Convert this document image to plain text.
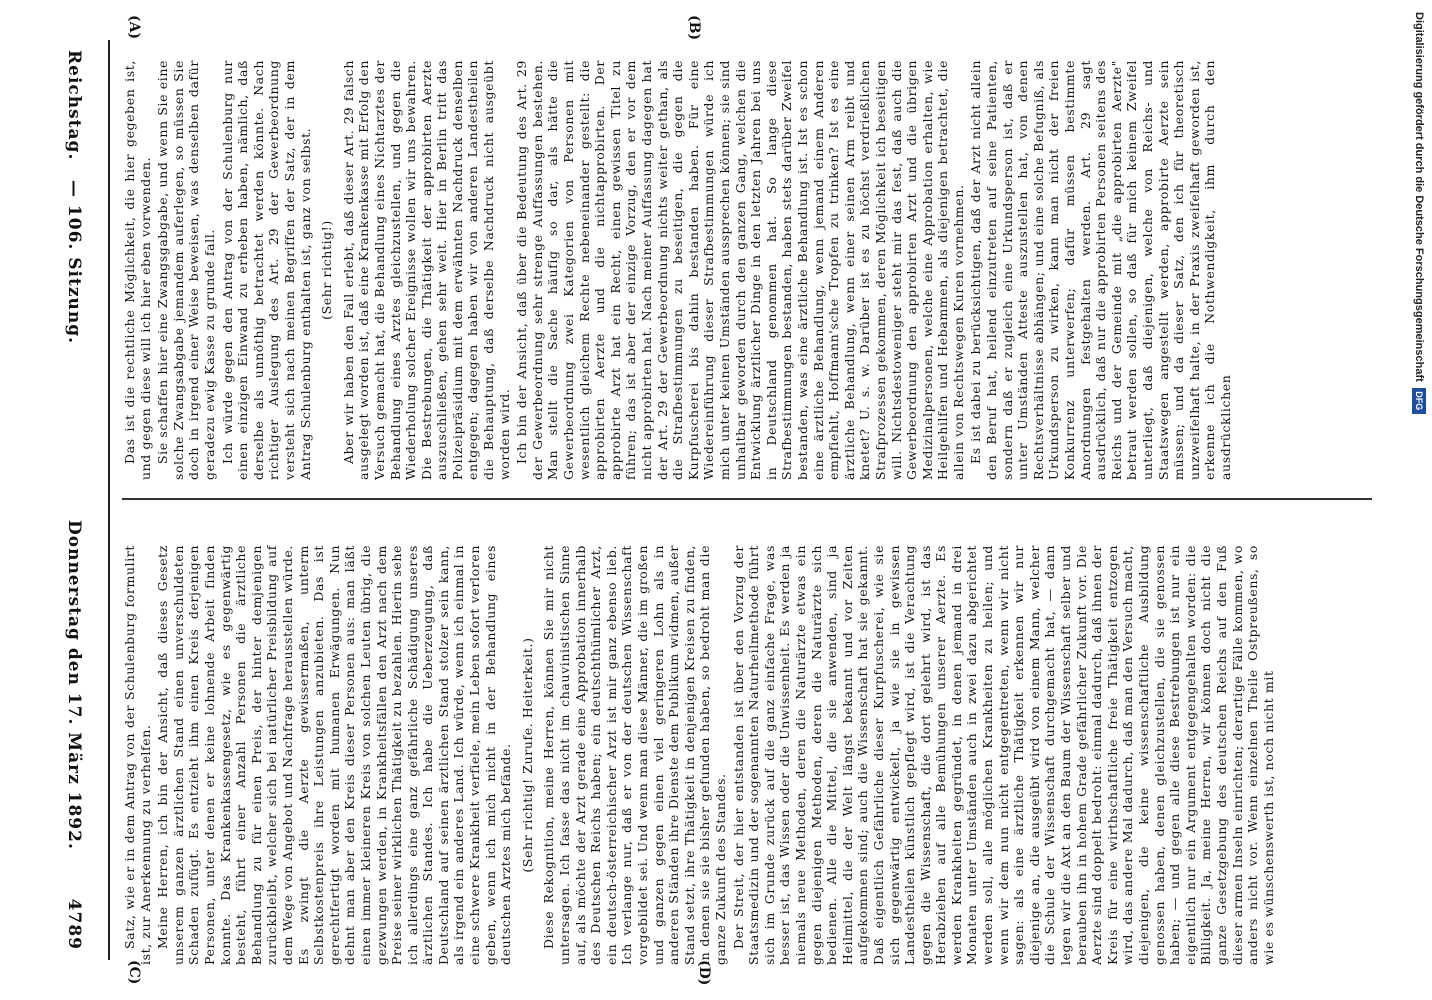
Reichstag.
— 106. Sitzung.
4789
Donnerstag den 17. März 1892.
(A)	(B)
(C)	(D)

Das ist die rechtliche Möglichkeit, die hier gegeben ist, und gegen diese will ich hier eben vorwenden. Sie schaffen hier eine Zwangsgabgabe, und wenn Sie eine solche Zwangsabgabe jemandem auferlegen, so müssen Sie doch in irgend einer Weise beweisen, was denselben dafür geradezu ewig Kasse zu grunde fall. Ich würde gegen den Antrag von der Schulenburg nur einen einzigen Einwand zu erheben haben, nämlich, daß derselbe als unnöthig betrachtet werden könnte. Nach richtiger Auslegung des Art. 29 der Gewerbeordnung versteht sich nach meinen Begriffen der Satz, der in dem Antrag Schulenburg enthalten ist, ganz von selbst. (Sehr richtig!) Aber wir haben den Fall erlebt, daß dieser Art. 29 falsch ausgelegt worden ist, daß eine Krankenkasse mit Erfolg den Versuch gemacht hat, die Behandlung eines Nichtarztes der Behandlung eines Arztes gleichzustellen, und gegen die Wiederholung solcher Ereignisse wollen wir uns bewahren. Die Bestrebungen, die Thätigkeit der approbirten Aerzte auszuschließen, gehen sehr weit. Hier in Berlin tritt das Polizeipräsidium mit dem erwähnten Nachdruck denselben entgegen; dagegen haben wir von anderen Landestheilen die Behauptung, daß derselbe Nachdruck nicht ausgeübt worden wird. Ich bin der Ansicht, daß über die Bedeutung des Art. 29 der Gewerbeordnung sehr strenge Auffassungen bestehen. Man stellt die Sache häufig so dar, als hätte die Gewerbeordnung zwei Kategorien von Personen mit wesentlich gleichem Rechte nebeneinander gestellt: die approbirten Aerzte und die nichtapprobirten. Der approbirte Arzt hat ein Recht, einen gewissen Titel zu führen; das ist aber der einzige Vorzug, den er vor dem nicht approbirten hat. Nach meiner Auffassung dagegen hat der Art. 29 der Gewerbeordnung nichts weiter gethan, als die Strafbestimmungen zu beseitigen, die gegen die Kurpfuscherei bis dahin bestanden haben. Für eine Wiedereinführung dieser Strafbestimmungen würde ich mich unter keinen Umständen aussprechen können; sie sind unhaltbar geworden durch den ganzen Gang, welchen die Entwicklung ärztlicher Dinge in den letzten Jahren bei uns in Deutschland genommen hat. So lange diese Strafbestimmungen bestanden, haben stets darüber Zweifel bestanden, was eine ärztliche Behandlung ist. Ist es schon eine ärztliche Behandlung, wenn jemand einem Anderen empfiehlt, Hoffmann'sche Tropfen zu trinken? Ist es eine ärztliche Behandlung, wenn einer seinen Arm reibt und knetet? U. s. w. Darüber ist es zu höchst verdrießlichen Strafprozessen gekommen, deren Möglichkeit ich beseitigen will. Nichtsdestoweniger steht mir das fest, daß auch die Gewerbeordnung den approbirten Arzt und die übrigen Medizinalpersonen, welche eine Approbation erhalten, wie Heilgehilfen und Hebammen, als diejenigen betrachtet, die allein von Rechtswegen Kuren vornehmen. Es ist dabei zu berücksichtigen, daß der Arzt nicht allein den Beruf hat, heilend einzutreten auf seine Patienten, sondern daß er zugleich eine Urkundsperson ist, daß er unter Umständen Atteste auszustellen hat, von denen Rechtsverhältnisse abhängen; und eine solche Befugniß, als Urkundsperson zu wirken, kann man nicht der freien Konkurrenz unterwerfen; dafür müssen bestimmte Anordnungen festgehalten werden. Art. 29 sagt ausdrücklich, daß nur die approbirten Personen seitens des Reichs und der Gemeinde mit „die approbirten Aerzte" betraut werden sollen, so daß für mich keinem Zweifel unterliegt, daß diejenigen, welche von Reichs- und Staatswegen angestellt werden, approbirte Aerzte sein müssen; und da dieser Satz, den ich für theoretisch unzweifelhaft halte, in der Praxis zweifelhaft geworden ist, erkenne ich die Nothwendigkeit, ihm durch den ausdrücklichen

Satz, wie er in dem Antrag von der Schulenburg formulirt ist, zur Anerkennung zu verhelfen. Meine Herren, ich bin der Ansicht, daß dieses Gesetz unserem ganzen ärztlichen Stand einen unverschuldeten Schaden zufügt. Es entzieht ihm einen Kreis derjenigen Personen, unter denen er keine lohnende Arbeit finden konnte. Das Krankenkassengesetz, wie es gegenwärtig besteht, führt einer Anzahl Personen die ärztliche Behandlung zu für einen Preis, der hinter demjenigen zurückbleibt, welcher sich bei natürlicher Preisbildung auf dem Wege von Angebot und Nachfrage herausstellen würde. Es zwingt die Aerzte gewissermaßen, unterm Selbstkostenpreis ihre Leistungen anzubieten. Das ist gerechtfertigt worden mit humanen Erwägungen. Nun dehnt man aber den Kreis dieser Personen aus: man läßt einen immer kleineren Kreis von solchen Leuten übrig, die gezwungen werden, in Krankheitsfällen den Arzt nach dem Preise seiner wirklichen Thätigkeit zu bezahlen. Hierin sehe ich allerdings eine ganz gefährliche Schädigung unseres ärztlichen Standes. Ich habe die Ueberzeugung, daß Deutschland auf seinen ärztlichen Stand stolzer sein kann, als irgend ein anderes Land. Ich würde, wenn ich einmal in eine schwere Krankheit verfiele, mein Leben sofort verloren geben, wenn ich mich nicht in der Behandlung eines deutschen Arztes mich befände. (Sehr richtig! Zurufe. Heiterkeit.) Diese Rekognition, meine Herren, können Sie mir nicht untersagen. Ich fasse das nicht im chauvinistischen Sinne auf, als möchte der Arzt gerade eine Approbation innerhalb des Deutschen Reichs haben; ein deutschthümlicher Arzt, ein deutsch-österreichischer Arzt ist mir ganz ebenso lieb. Ich verlange nur, daß er von der deutschen Wissenschaft vorgebildet sei. Und wenn man diese Männer, die im großen und ganzen gegen einen viel geringeren Lohn als in anderen Ständen ihre Dienste dem Publikum widmen, außer Stand setzt, ihre Thätigkeit in denjenigen Kreisen zu finden, in denen sie sie bisher gefunden haben, so bedroht man die ganze Zukunft des Standes. Der Streit, der hier entstanden ist über den Vorzug der Staatsmedizin und der sogenannten Naturheilmethode führt sich im Grunde zurück auf die ganz einfache Frage, was besser ist, das Wissen oder die Unwissenheit. Es werden ja niemals neue Methoden, deren die Naturärzte etwas ein gegen diejenigen Methoden, deren die Naturärzte sich bedienen. Alle die Mittel, die sie anwenden, sind ja Heilmittel, die der Welt längst bekannt und vor Zeiten aufgekommen sind; auch die Wissenschaft hat sie gekannt. Daß eigentlich Gefährliche dieser Kurpfuscherei, wie sie sich gegenwärtig entwickelt, ja wie sie in gewissen Landestheilen künstlich gepflegt wird, ist die Verachtung gegen die Wissenschaft, die dort gelehrt wird, ist das Herabziehen auf alle Bemühungen unserer Aerzte. Es werden Krankheiten gegründet, in denen jemand in drei Monaten unter Umständen auch in zwei dazu abgerichtet werden soll, alle möglichen Krankheiten zu heilen; und wenn wir dem nun nicht entgegentreten, wenn wir nicht sagen: als eine ärztliche Thätigkeit erkennen wir nur diejenige an, die ausgeübt wird von einem Mann, welcher die Schule der Wissenschaft durchgemacht hat, — dann legen wir die Axt an den Baum der Wissenschaft selber und berauben ihn in hohem Grade gefährlicher Zukunft vor. Die Aerzte sind doppelt bedroht: einmal dadurch, daß ihnen der Kreis für eine wirthschaftliche freie Thätigkeit entzogen wird, das andere Mal dadurch, daß man den Versuch macht, diejenigen, die keine wissenschaftliche Ausbildung genossen haben, denen gleichzustellen, die sie genossen haben; — und gegen alle diese Bestrebungen ist nur ein eigentlich nur ein Argument entgegengehalten worden: die Billigkeit. Ja, meine Herren, wir können doch nicht die ganze Gesetzgebung des deutschen Reichs auf den Fuß dieser armen Inseln einrichten; derartige Fälle kommen, wo anders nicht vor. Wenn einzelnen Theile Ostpreußens, so wie es wünschenswerth ist, noch nicht mit

Digitalisierung gefördert durch die Deutsche Forschungsgemeinschaft
DFG
